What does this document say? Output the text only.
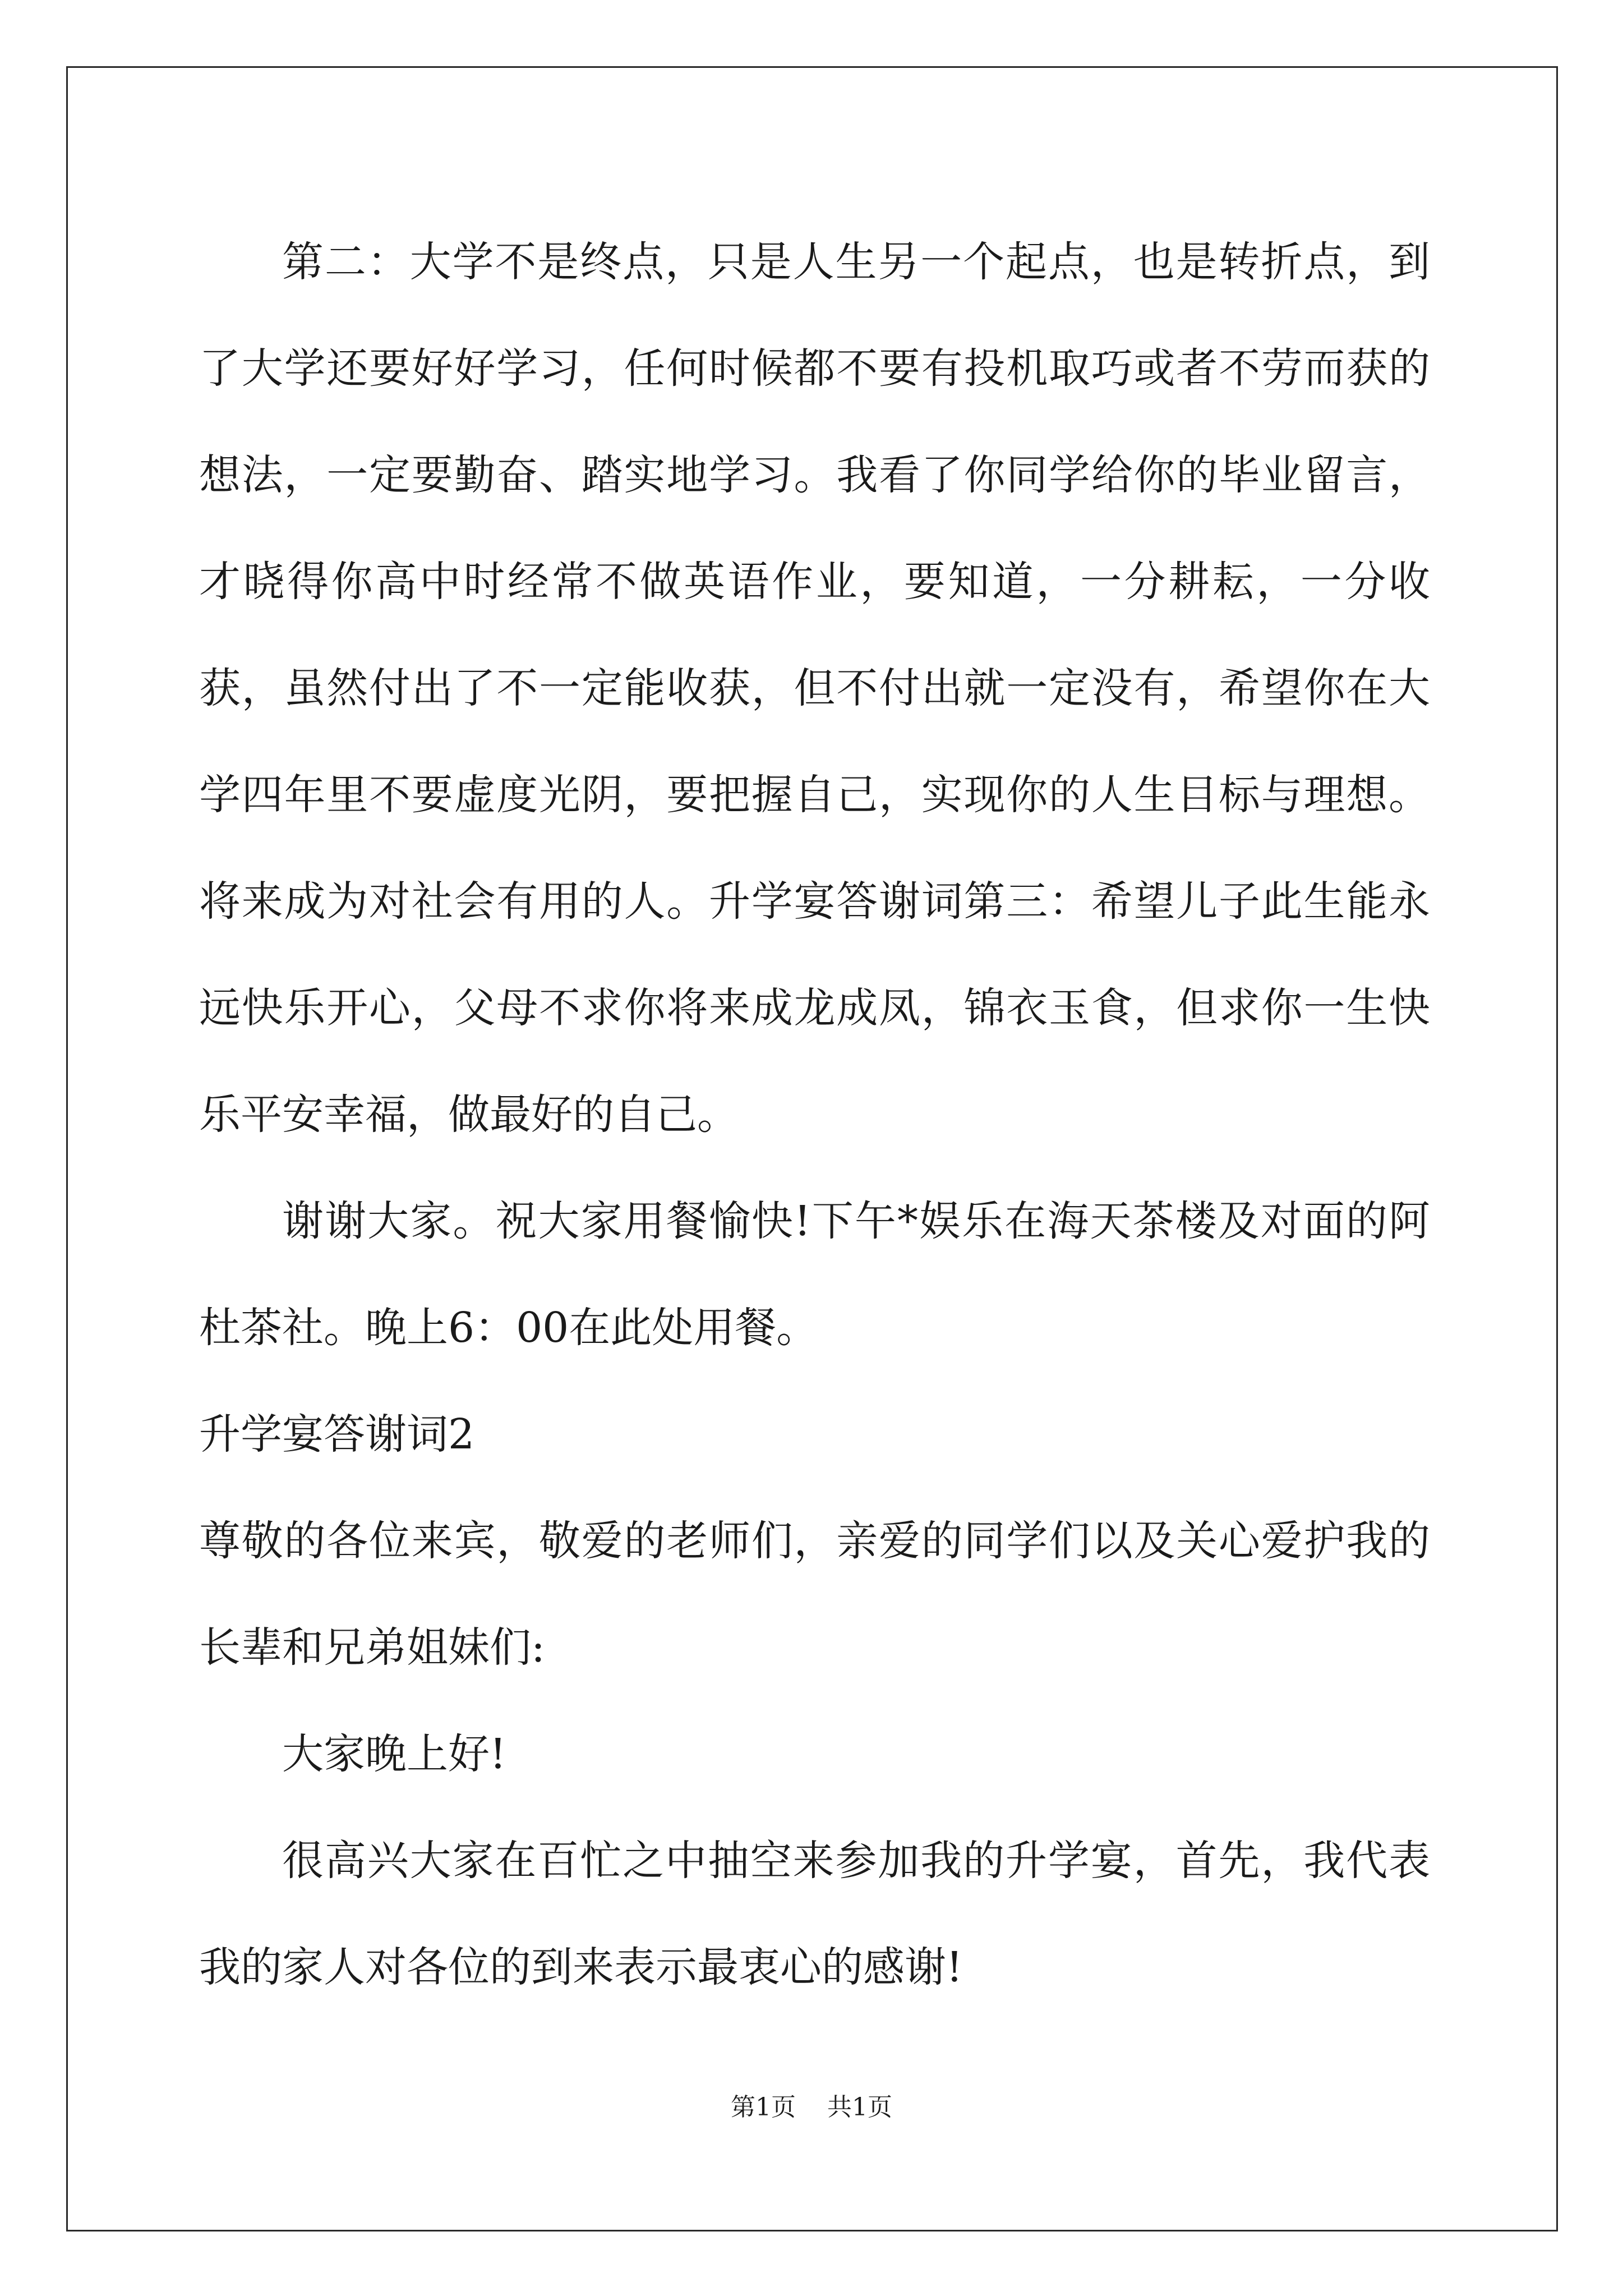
第二：大学不是终点，只是人生另一个起点，也是转折点，到了大学还要好好学习，任何时候都不要有投机取巧或者不劳而获的想法，一定要勤奋、踏实地学习。我看了你同学给你的毕业留言，才晓得你高中时经常不做英语作业，要知道，一分耕耘，一分收获，虽然付出了不一定能收获，但不付出就一定没有，希望你在大学四年里不要虚度光阴，要把握自己，实现你的人生目标与理想。将来成为对社会有用的人。升学宴答谢词第三：希望儿子此生能永远快乐开心，父母不求你将来成龙成凤，锦衣玉食，但求你一生快乐平安幸福，做最好的自己。

谢谢大家。祝大家用餐愉快!下午*娱乐在海天茶楼及对面的阿杜茶社。晚上6：00在此处用餐。

升学宴答谢词2

尊敬的各位来宾，敬爱的老师们，亲爱的同学们以及关心爱护我的长辈和兄弟姐妹们:

大家晚上好!

很高兴大家在百忙之中抽空来参加我的升学宴，首先，我代表我的家人对各位的到来表示最衷心的感谢!

第1页 共1页
